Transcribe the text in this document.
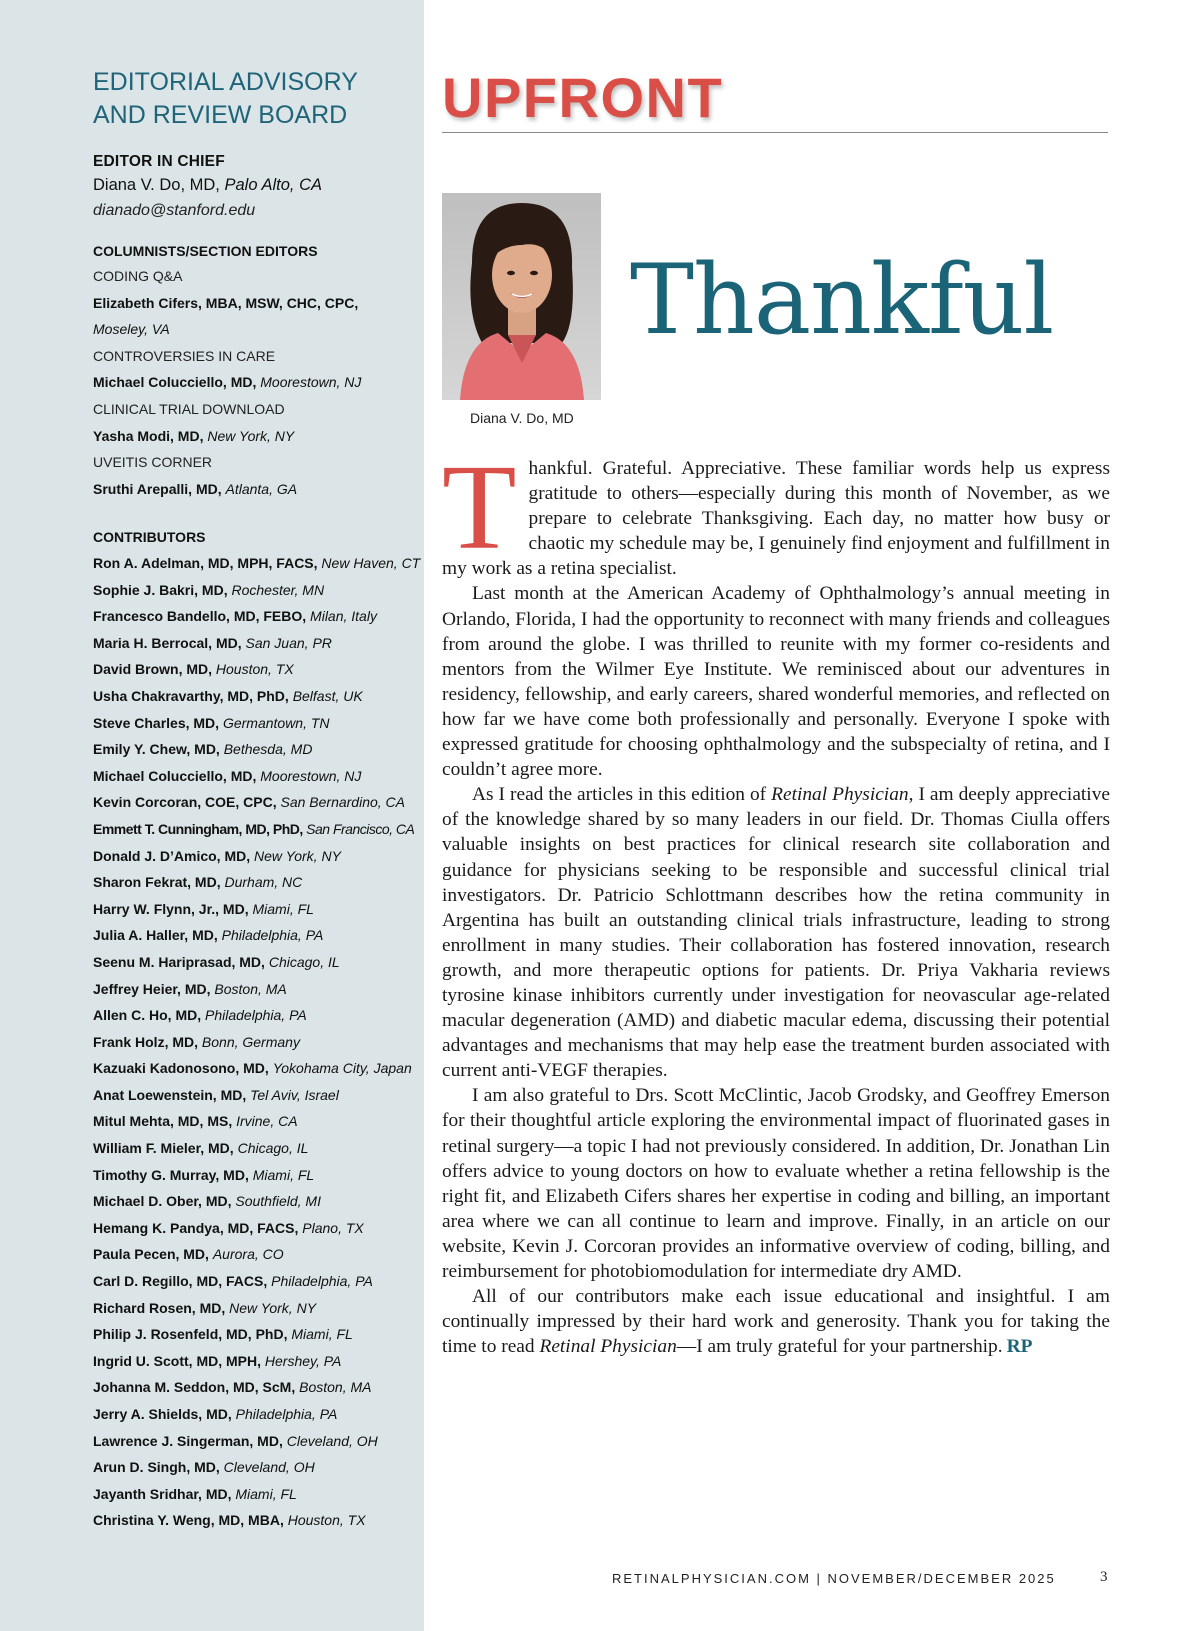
EDITORIAL ADVISORY
AND REVIEW BOARD
EDITOR IN CHIEF
Diana V. Do, MD, Palo Alto, CA
dianado@stanford.edu
COLUMNISTS/SECTION EDITORS
CODING Q&A
Elizabeth Cifers, MBA, MSW, CHC, CPC,
Moseley, VA
CONTROVERSIES IN CARE
Michael Colucciello, MD, Moorestown, NJ
CLINICAL TRIAL DOWNLOAD
Yasha Modi, MD, New York, NY
UVEITIS CORNER
Sruthi Arepalli, MD, Atlanta, GA
CONTRIBUTORS
Ron A. Adelman, MD, MPH, FACS, New Haven, CT
Sophie J. Bakri, MD, Rochester, MN
Francesco Bandello, MD, FEBO, Milan, Italy
Maria H. Berrocal, MD, San Juan, PR
David Brown, MD, Houston, TX
Usha Chakravarthy, MD, PhD, Belfast, UK
Steve Charles, MD, Germantown, TN
Emily Y. Chew, MD, Bethesda, MD
Michael Colucciello, MD, Moorestown, NJ
Kevin Corcoran, COE, CPC, San Bernardino, CA
Emmett T. Cunningham, MD, PhD, San Francisco, CA
Donald J. D’Amico, MD, New York, NY
Sharon Fekrat, MD, Durham, NC
Harry W. Flynn, Jr., MD, Miami, FL
Julia A. Haller, MD, Philadelphia, PA
Seenu M. Hariprasad, MD, Chicago, IL
Jeffrey Heier, MD, Boston, MA
Allen C. Ho, MD, Philadelphia, PA
Frank Holz, MD, Bonn, Germany
Kazuaki Kadonosono, MD, Yokohama City, Japan
Anat Loewenstein, MD, Tel Aviv, Israel
Mitul Mehta, MD, MS, Irvine, CA
William F. Mieler, MD, Chicago, IL
Timothy G. Murray, MD, Miami, FL
Michael D. Ober, MD, Southfield, MI
Hemang K. Pandya, MD, FACS, Plano, TX
Paula Pecen, MD, Aurora, CO
Carl D. Regillo, MD, FACS, Philadelphia, PA
Richard Rosen, MD, New York, NY
Philip J. Rosenfeld, MD, PhD, Miami, FL
Ingrid U. Scott, MD, MPH, Hershey, PA
Johanna M. Seddon, MD, ScM, Boston, MA
Jerry A. Shields, MD, Philadelphia, PA
Lawrence J. Singerman, MD, Cleveland, OH
Arun D. Singh, MD, Cleveland, OH
Jayanth Sridhar, MD, Miami, FL
Christina Y. Weng, MD, MBA, Houston, TX
UPFRONT
Diana V. Do, MD
Thankful

Thankful. Grateful. Appreciative. These familiar words help us express gratitude to others—especially during this month of November, as we prepare to celebrate Thanksgiving. Each day, no matter how busy or chaotic my schedule may be, I genuinely find enjoyment and fulfillment in my work as a retina specialist.

Last month at the American Academy of Ophthalmology’s annual meeting in Orlando, Florida, I had the opportunity to reconnect with many friends and colleagues from around the globe. I was thrilled to reunite with my former co-residents and mentors from the Wilmer Eye Institute. We reminisced about our adventures in residency, fellowship, and early careers, shared wonderful memories, and reflected on how far we have come both professionally and personally. Everyone I spoke with expressed gratitude for choosing ophthalmology and the subspecialty of retina, and I couldn’t agree more.

As I read the articles in this edition of Retinal Physician, I am deeply appreciative of the knowledge shared by so many leaders in our field. Dr. Thomas Ciulla offers valuable insights on best practices for clinical research site collaboration and guidance for physicians seeking to be responsible and successful clinical trial investigators. Dr. Patricio Schlottmann describes how the retina community in Argentina has built an outstanding clinical trials infrastructure, leading to strong enrollment in many studies. Their collaboration has fostered innovation, research growth, and more therapeutic options for patients. Dr. Priya Vakharia reviews tyrosine kinase inhibitors currently under investigation for neovascular age-related macular degeneration (AMD) and diabetic macular edema, discussing their potential advantages and mechanisms that may help ease the treatment burden associated with current anti-VEGF therapies.

I am also grateful to Drs. Scott McClintic, Jacob Grodsky, and Geoffrey Emerson for their thoughtful article exploring the environmental impact of fluorinated gases in retinal surgery—a topic I had not previously considered. In addition, Dr. Jonathan Lin offers advice to young doctors on how to evaluate whether a retina fellowship is the right fit, and Elizabeth Cifers shares her expertise in coding and billing, an important area where we can all continue to learn and improve. Finally, in an article on our website, Kevin J. Corcoran provides an informative overview of coding, billing, and reimbursement for photobiomodulation for intermediate dry AMD.

All of our contributors make each issue educational and insightful. I am continually impressed by their hard work and generosity. Thank you for taking the time to read Retinal Physician—I am truly grateful for your partnership. RP

RETINALPHYSICIAN.COM | NOVEMBER/DECEMBER 2025	3
